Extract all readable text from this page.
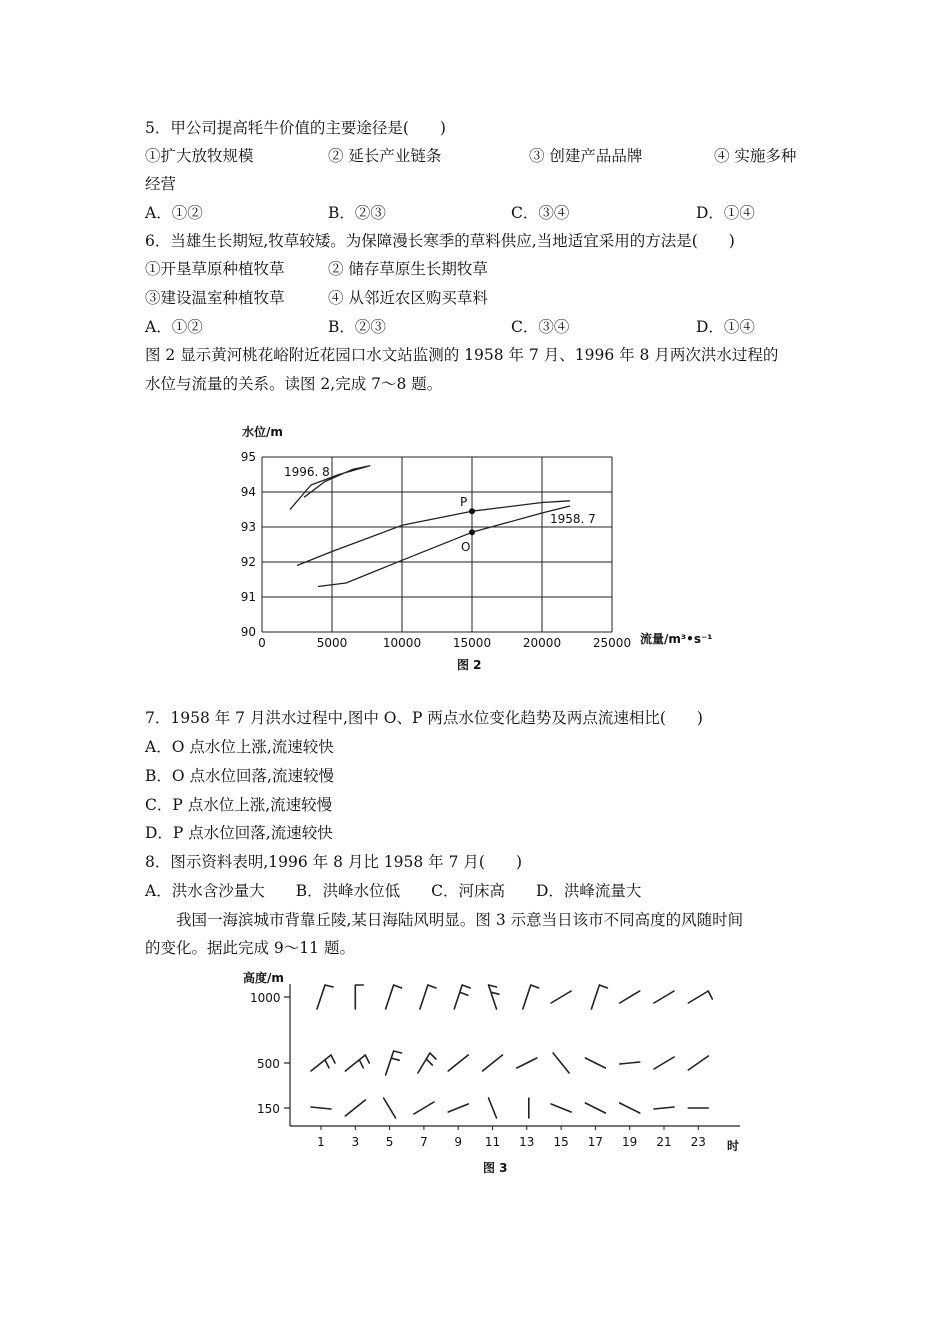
5．甲公司提高牦牛价值的主要途径是(　　)
①扩大放牧规模	② 延长产业链条	③ 创建产品品牌	④ 实施多种
经营
A．①②	B．②③	C．③④	D．①④
6．当雄生长期短,牧草较矮。为保障漫长寒季的草料供应,当地适宜采用的方法是(　　)
①开垦草原种植牧草	② 储存草原生长期牧草
③建设温室种植牧草	④ 从邻近农区购买草料
A．①②	B．②③	C．③④	D．①④
图 2 显示黄河桃花峪附近花园口水文站监测的 1958 年 7 月、1996 年 8 月两次洪水过程的
水位与流量的关系。读图 2,完成 7～8 题。
95
94
93
92
91
90
0	5000	10000	15000	20000	25000
水位/m
流量/m³•s⁻¹
1996. 8
1958. 7
P
O
图 2
7．1958 年 7 月洪水过程中,图中 O、P 两点水位变化趋势及两点流速相比(　　)
A．O 点水位上涨,流速较快
B．O 点水位回落,流速较慢
C．P 点水位上涨,流速较慢
D．P 点水位回落,流速较快
8．图示资料表明,1996 年 8 月比 1958 年 7 月(　　)
A．洪水含沙量大　　B．洪峰水位低　　C．河床高　　D．洪峰流量大
我国一海滨城市背靠丘陵,某日海陆风明显。图 3 示意当日该市不同高度的风随时间
的变化。据此完成 9～11 题。
高度/m
1000
500
150
时
图 3
1 3 5 7 9 11 13 15 17 19 21 23
